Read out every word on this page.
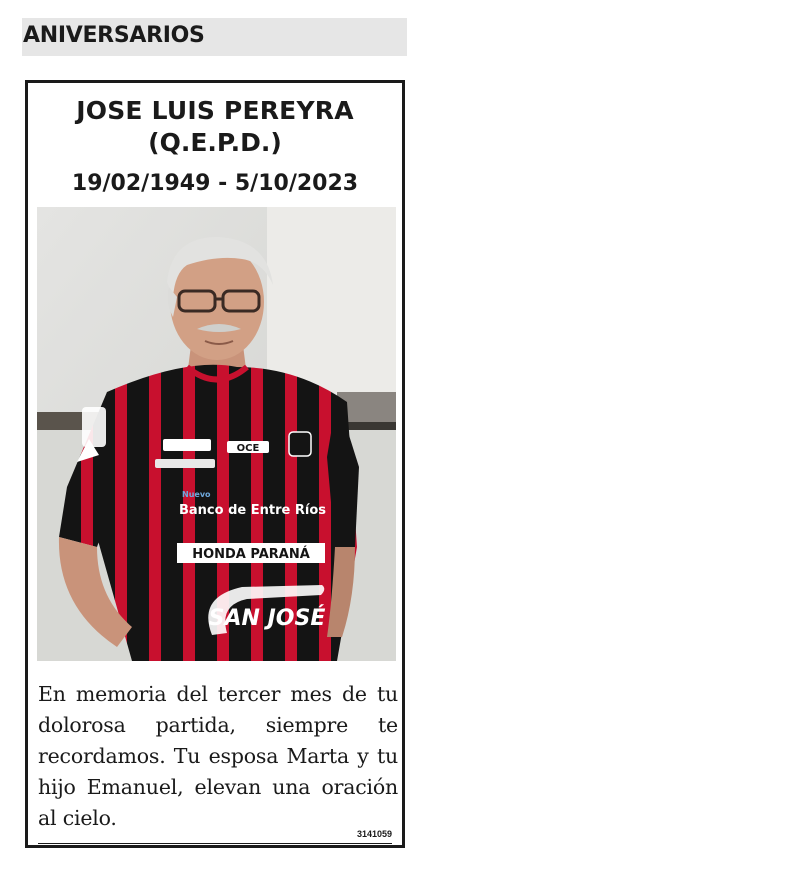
ANIVERSARIOS
JOSE LUIS PEREYRA
(Q.E.P.D.)
19/02/1949 - 5/10/2023
OCE
Nuevo
Banco de Entre Ríos
HONDA PARANÁ
SAN JOSÉ
En memoria del tercer mes de tu dolorosa partida, siempre te recordamos. Tu esposa Marta y tu hijo Emanuel, elevan una oración al cielo.
3141059
